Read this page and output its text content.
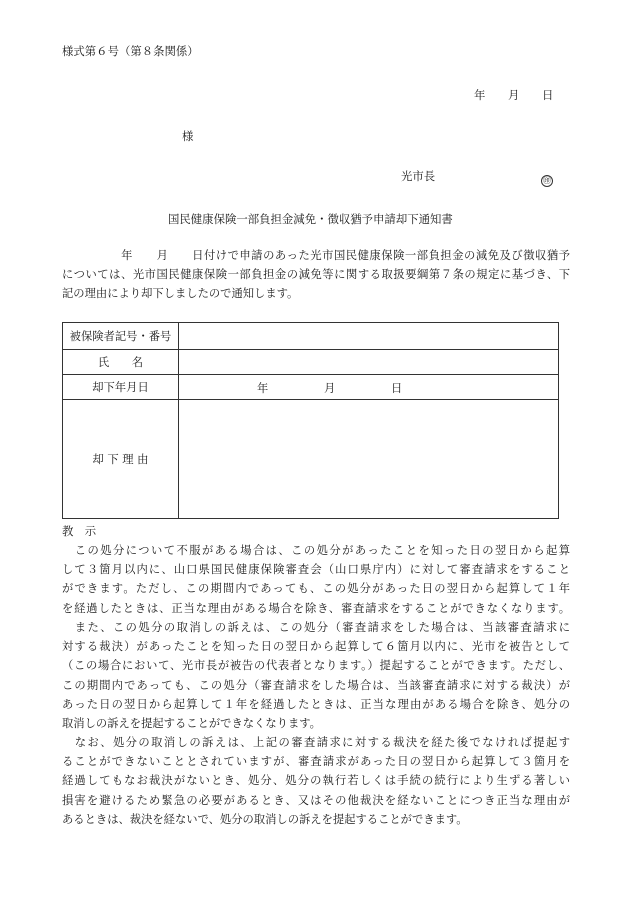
様式第６号（第８条関係）
年 月 日
様
光市長	㊞
国民健康保険一部負担金減免・徴収猶予申請却下通知書
　　　　　年　　月　　日付けで申請のあった光市国民健康保険一部負担金の減免及び徴収猶予
については、光市国民健康保険一部負担金の減免等に関する取扱要綱第７条の規定に基づき、下
記の理由により却下しましたので通知します。
被保険者記号・番号	
氏　　名	
却下年月日	年 月 日

却 下 理 由	
教　示
　この処分について不服がある場合は、この処分があったことを知った日の翌日から起算
して３箇月以内に、山口県国民健康保険審査会（山口県庁内）に対して審査請求をすること
ができます。ただし、この期間内であっても、この処分があった日の翌日から起算して１年
を経過したときは、正当な理由がある場合を除き、審査請求をすることができなくなります。
　また、この処分の取消しの訴えは、この処分（審査請求をした場合は、当該審査請求に
対する裁決）があったことを知った日の翌日から起算して６箇月以内に、光市を被告として
（この場合において、光市長が被告の代表者となります。）提起することができます。ただし、
この期間内であっても、この処分（審査請求をした場合は、当該審査請求に対する裁決）が
あった日の翌日から起算して１年を経過したときは、正当な理由がある場合を除き、処分の
取消しの訴えを提起することができなくなります。
　なお、処分の取消しの訴えは、上記の審査請求に対する裁決を経た後でなければ提起す
ることができないこととされていますが、審査請求があった日の翌日から起算して３箇月を
経過してもなお裁決がないとき、処分、処分の執行若しくは手続の続行により生ずる著しい
損害を避けるため緊急の必要があるとき、又はその他裁決を経ないことにつき正当な理由が
あるときは、裁決を経ないで、処分の取消しの訴えを提起することができます。
